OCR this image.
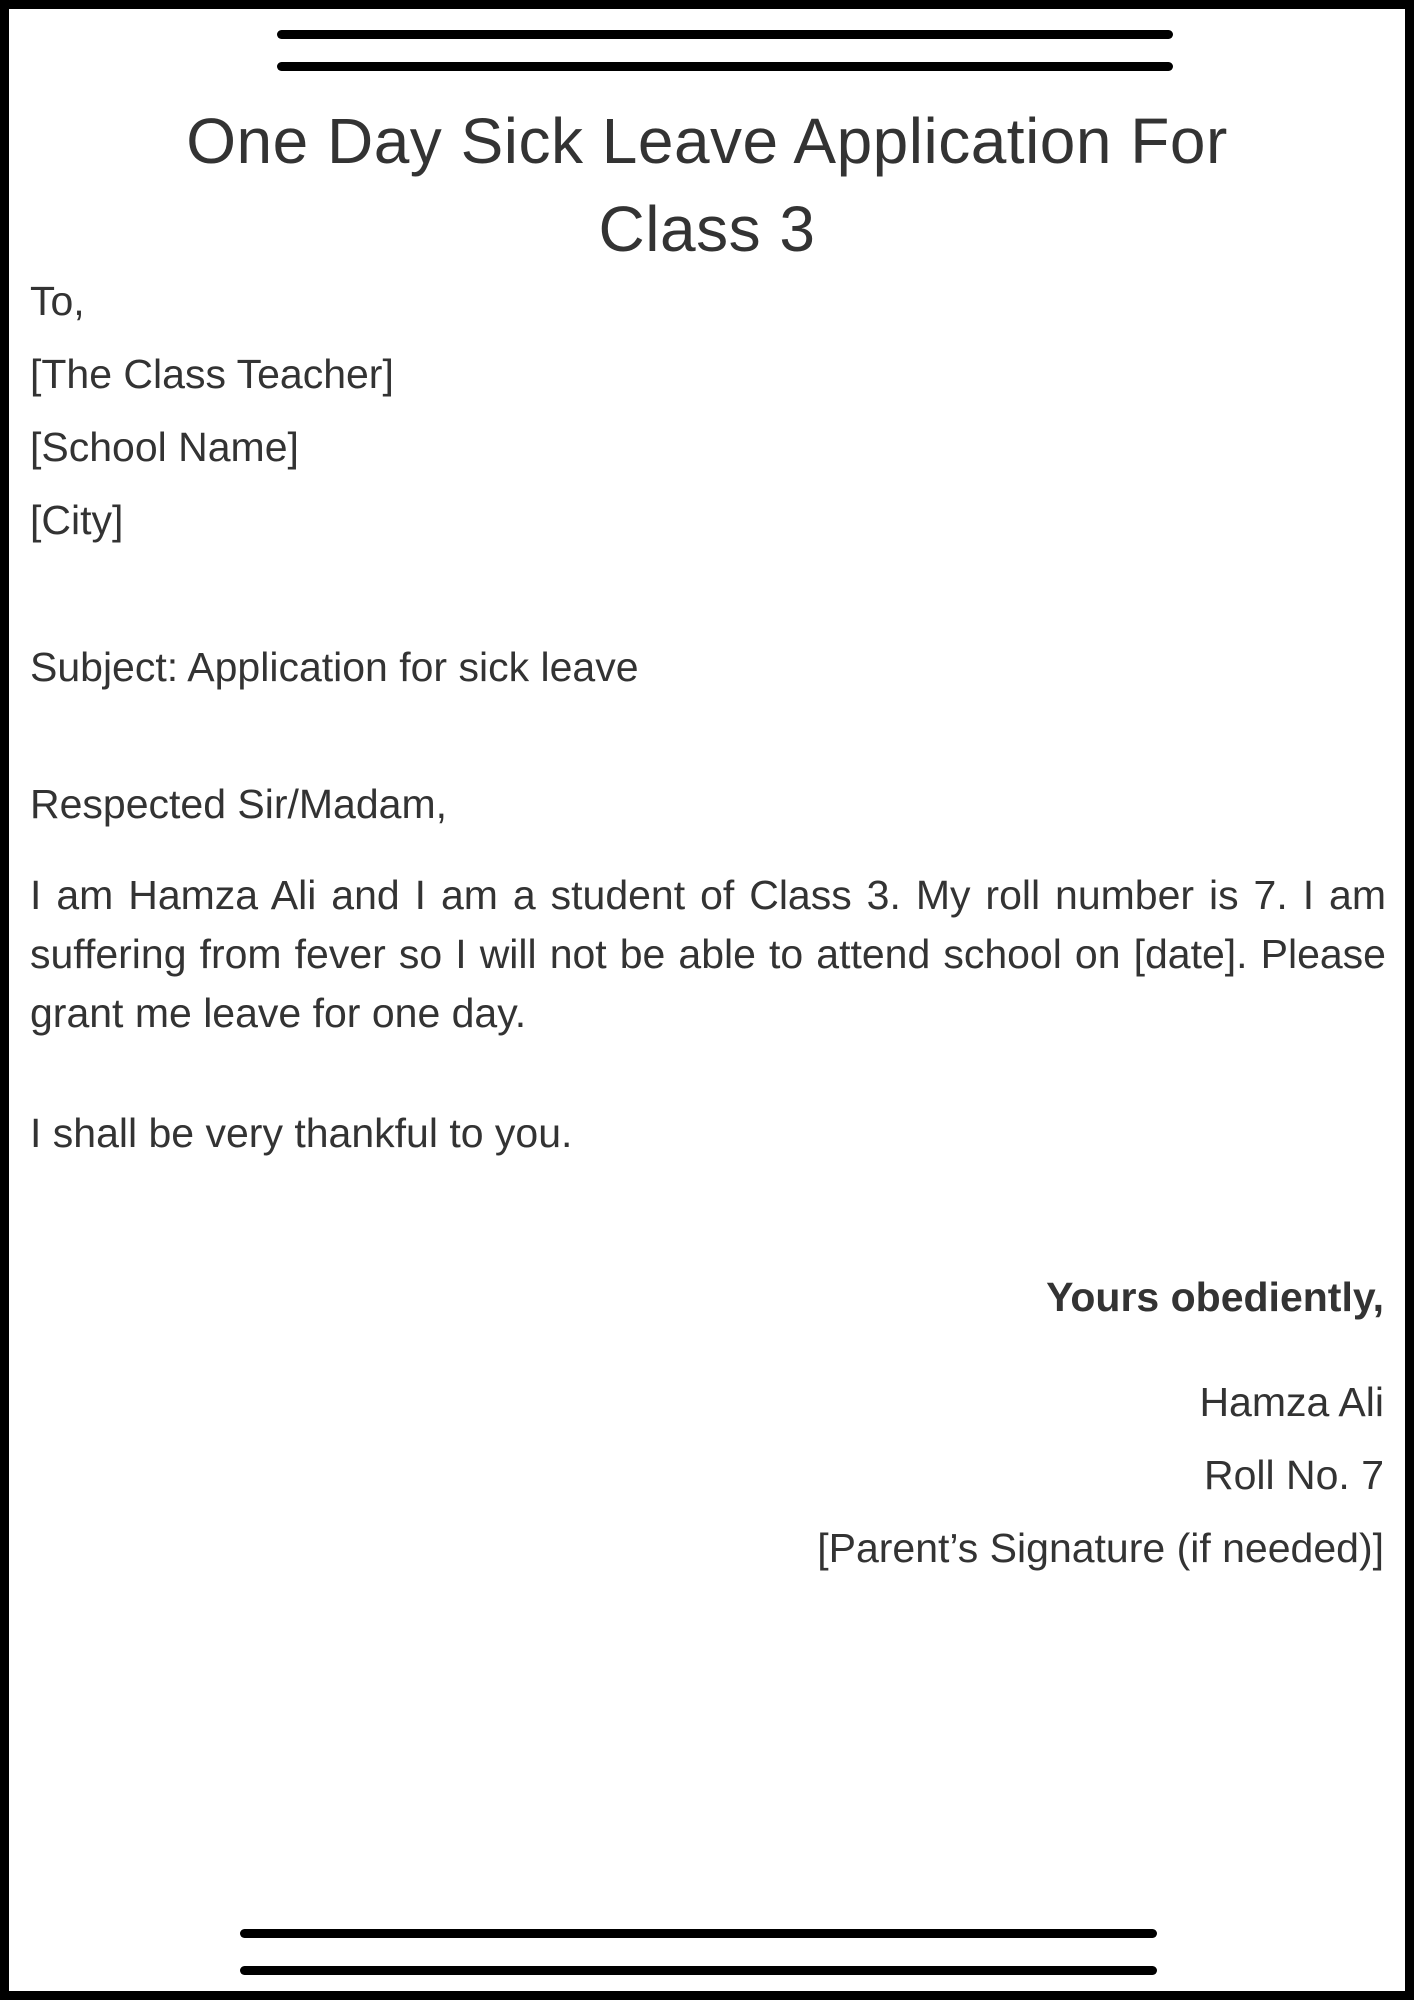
One Day Sick Leave Application For
Class 3
To,
[The Class Teacher]
[School Name]
[City]
Subject: Application for sick leave
Respected Sir/Madam,
I am Hamza Ali and I am a student of Class 3. My roll number is 7. I am suffering from fever so I will not be able to attend school on [date]. Please grant me leave for one day.
I shall be very thankful to you.
Yours obediently,
Hamza Ali
Roll No. 7
[Parent’s Signature (if needed)]
